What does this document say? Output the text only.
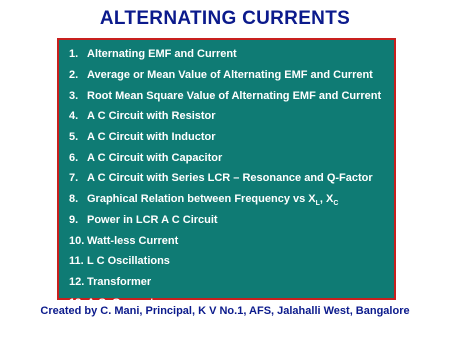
ALTERNATING CURRENTS
1. Alternating EMF and Current
2. Average or Mean Value of Alternating EMF and Current
3. Root Mean Square Value of Alternating EMF and Current
4. A C Circuit with Resistor
5. A C Circuit with Inductor
6. A C Circuit with Capacitor
7. A C Circuit with Series LCR – Resonance and Q-Factor
8. Graphical Relation between Frequency vs $X_L$, $X_C$
9. Power in LCR A C Circuit
10. Watt-less Current
11. L C Oscillations
12. Transformer
13. A.C. Generator
Created by C. Mani, Principal, K V No.1, AFS, Jalahalli West, Bangalore
